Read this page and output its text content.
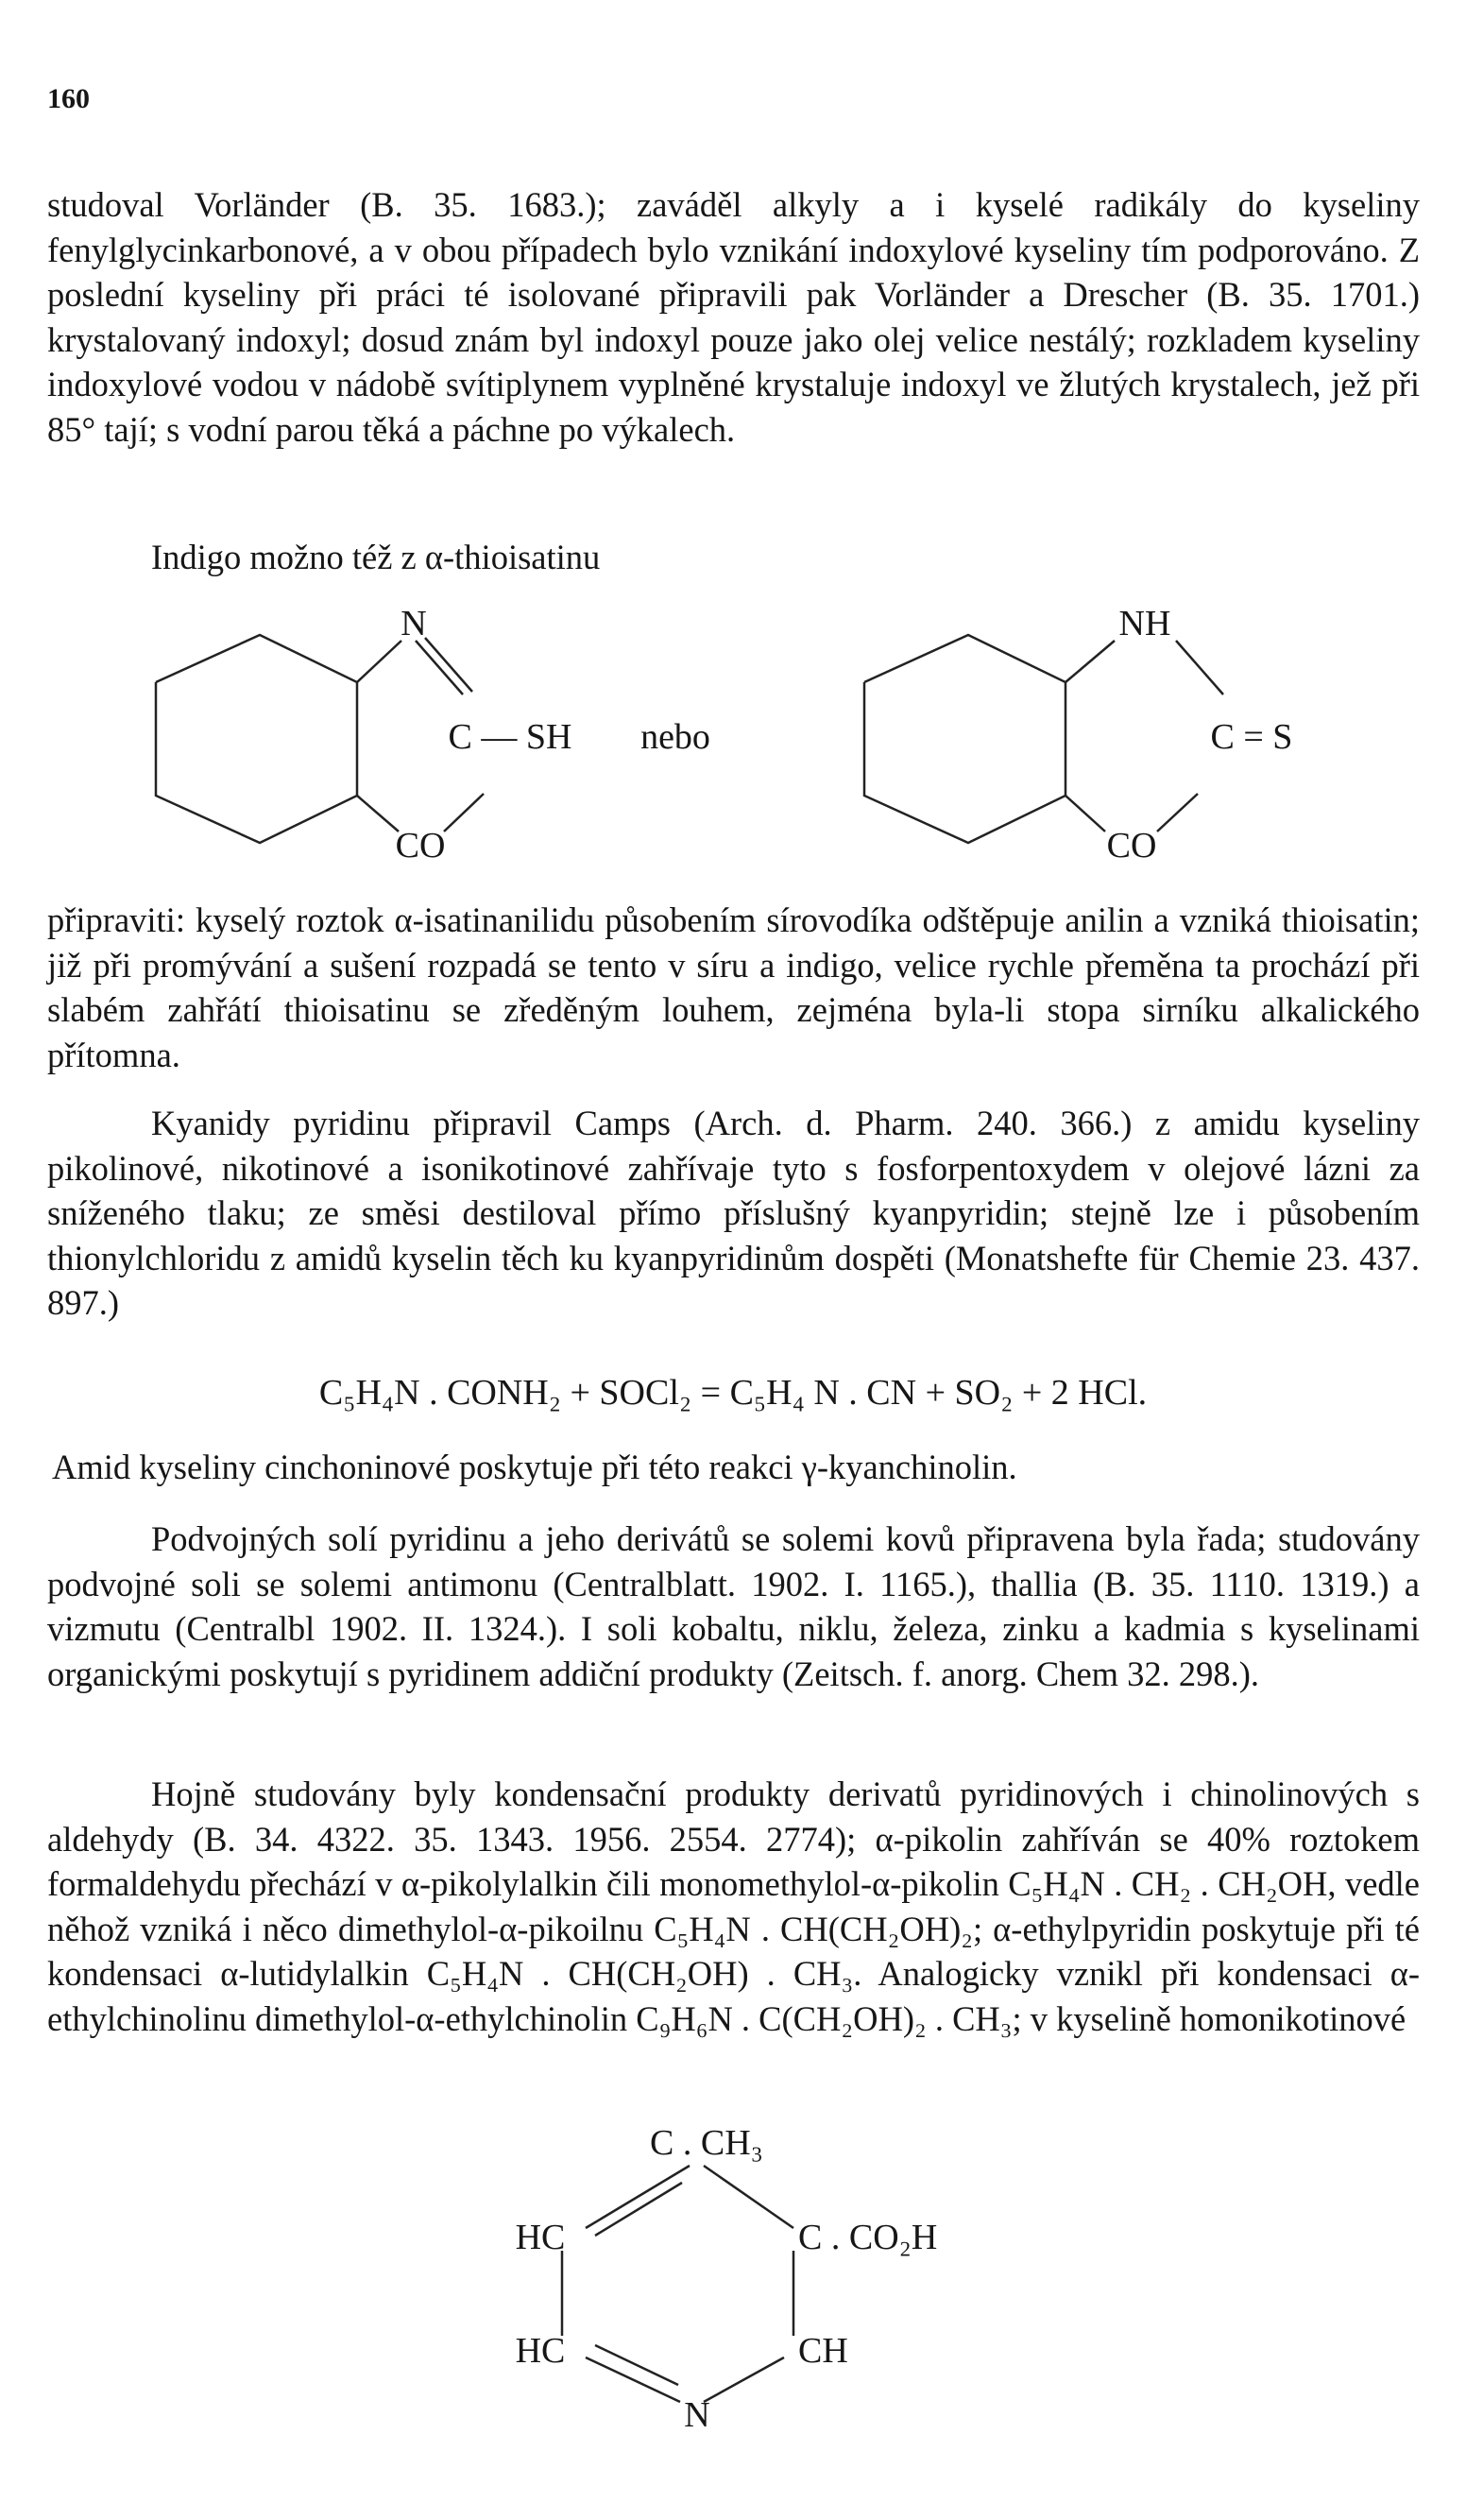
160

studoval Vorländer (B. 35. 1683.); zaváděl alkyly a i kyselé radikály do kyseliny fenylglycinkarbonové, a v obou případech bylo vznikání indoxylové kyseliny tím podporováno. Z poslední kyseliny při práci té isolované připravili pak Vorländer a Drescher (B. 35. 1701.) krystalovaný indoxyl; dosud znám byl indoxyl pouze jako olej velice nestálý; rozkladem kyseliny indoxylové vodou v nádobě svítiplynem vyplněné krystaluje indoxyl ve žlutých krystalech, jež při 85° tají; s vodní parou těká a páchne po výkalech.

Indigo možno též z α-thioisatinu
N
C — SH
CO
nebo
NH
C = S
CO

připraviti: kyselý roztok α-isatinanilidu působením sírovodíka odštěpuje anilin a vzniká thioisatin; již při promývání a sušení rozpadá se tento v síru a indigo, velice rychle přeměna ta prochází při slabém zahřátí thioisatinu se zředěným louhem, zejména byla-li stopa sirníku alkalického přítomna.

Kyanidy pyridinu připravil Camps (Arch. d. Pharm. 240. 366.) z amidu kyseliny pikolinové, nikotinové a isonikotinové zahřívaje tyto s fosforpentoxydem v olejové lázni za sníženého tlaku; ze směsi destiloval přímo příslušný kyanpyridin; stejně lze i působením thionylchloridu z amidů kyselin těch ku kyanpyridinům dospěti (Monatshefte für Chemie 23. 437. 897.)

C₅H₄N . CONH₂ + SOCl₂ = C₅H₄ N . CN + SO₂ + 2 HCl.
Amid kyseliny cinchoninové poskytuje při této reakci γ-kyanchinolin.

Podvojných solí pyridinu a jeho derivátů se solemi kovů připravena byla řada; studovány podvojné soli se solemi antimonu (Centralblatt. 1902. I. 1165.), thallia (B. 35. 1110. 1319.) a vizmutu (Centralbl 1902. II. 1324.). I soli kobaltu, niklu, železa, zinku a kadmia s kyselinami organickými poskytují s pyridinem addiční produkty (Zeitsch. f. anorg. Chem 32. 298.).

Hojně studovány byly kondensační produkty derivatů pyridinových i chinolinových s aldehydy (B. 34. 4322. 35. 1343. 1956. 2554. 2774); α-pikolin zahříván se 40% roztokem formaldehydu přechází v α-pikolylalkin čili monomethylol-α-pikolin C₅H₄N . CH₂ . CH₂OH, vedle něhož vzniká i něco dimethylol-α-pikoilnu C₅H₄N . CH(CH₂OH)₂; α-ethylpyridin poskytuje při té kondensaci α-lutidylalkin C₅H₄N . CH(CH₂OH) . CH₃. Analogicky vznikl při kondensaci α-ethylchinolinu dimethylol-α-ethylchinolin C₉H₆N . C(CH₂OH)₂ . CH₃; v kyselině homonikotinové

C . CH₃
HC	C . CO₂H
HC	CH
N
